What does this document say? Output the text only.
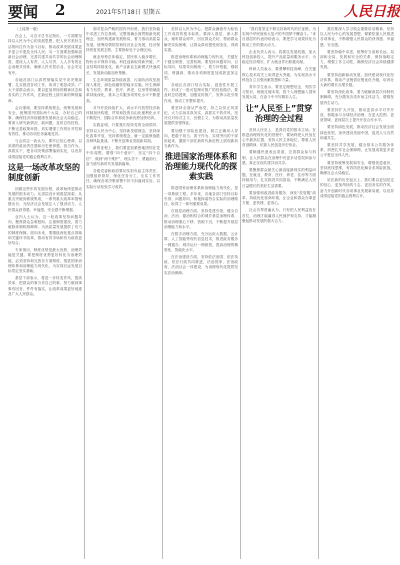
要闻 2	2021年5月18日 星期五	人民日报

（上接第一版）

在会上，习近平总书记指出，一方面要坚持以人民为中心的发展思想，把人民对美好生活的向往作为奋斗目标，推动改革发展成果更多更公平惠及全体人民；另一方面要加强和创新社会治理，完善共建共治共享的社会治理制度，建设人人有责、人人尽责、人人享有的社会治理共同体，确保人民安居乐业、社会安定有序。

各地各部门认真贯彻落实党中央决策部署，扎实推进各项工作，取得了明显成效。广大干部群众表示，要以更加昂扬的精神状态和务实的工作作风，在新征程上续写新的辉煌篇章。

会议强调，要坚持系统观念，统筹发展和安全，统筹国内国际两个大局，办好自己的事，确保经济持续健康发展和社会大局稳定。要深入研究新情况、新问题，及时总结经验，不断完善政策举措，切实增强工作的针对性和有效性，推动各项任务落地见效。

与会同志一致认为，要牢记初心使命，以高度的政治责任感和历史使命感，担当作为、真抓实干，把各项决策部署落到实处，以优异成绩迎接党的盛会胜利召开。

这是一场改革攻坚的制度创新

回顾这些年的发展历程，改革始终是推动发展的根本动力。从顶层设计到基层探索，从重点突破到系统集成，一系列重大改革举措相继出台，为经济社会发展注入了强劲动力，人民群众获得感、幸福感、安全感不断增强。

业内人士认为，这一轮改革坚持问题导向，聚焦群众急难愁盼，注重制度建设，着力破除体制机制障碍，为高质量发展提供了有力的制度保障。面向未来，要继续深化重点领域和关键环节改革，推动有效市场和有为政府更好结合。

专家指出，制度优势是最大优势，治理效能是关键。要把制度优势更好转化为治理效能，必须坚持和完善各方面制度，推进国家治理体系和治理能力现代化，为实现长远发展目标奠定坚实基础。

基层干部表示，将进一步转变作风、提高效率，把群众的事当作自己的事，努力做到事事有回音、件件有落实，让改革成果更好地惠及广大人民群众。

面对复杂严峻的国内外形势，我们坚持稳中求进工作总基调，完整准确全面贯彻新发展理念，加快构建新发展格局，着力推动高质量发展，统筹疫情防控和经济社会发展，经济保持恢复发展态势，主要指标处于合理区间。

就业形势总体稳定，居民收入稳步增长，物价水平保持平稳。科技创新取得新突破，产业结构持续优化，新产业新业态新模式快速成长，发展新动能加快集聚。

生态环境质量持续改善，污染防治攻坚战深入推进，绿色低碳转型稳步实施。民生保障有力有效，教育、医疗、养老、住房等领域改革持续深化，基本公共服务均等化水平不断提高。

对外开放持续扩大，高水平开放型经济新体制加快构建，贸易和投资自由化便利化水平不断提升，国际合作和竞争新优势加快培育。

实践证明，只要我们坚持党的全面领导，坚持以人民为中心，坚持新发展理念，坚持深化改革开放，坚持系统观念，就一定能够战胜各种风险挑战，不断开创事业发展新局面。

新的征程上，我们要更加紧密地团结在党中央周围，增强“四个意识”、坚定“四个自信”、做到“两个维护”，埋头苦干、勇毅前行，奋力谱写新时代发展新篇章。

各级党委和政府要切实担负起主体责任，加强组织领导，细化任务分工，压实工作责任，确保各项决策部署不折不扣落到实处，以实际行动检验学习成效。

坚持以人民为中心，把群众满意作为检验工作成效的根本标准。要深入基层、深入群众，倾听群众呼声，回应群众关切，帮助群众解决实际困难，让群众真切感受到变化、得到实惠。

推进治理体系和治理能力现代化，关键在于健全制度、完善机制。要坚持问题导向、目标导向、结果导向相统一，着力补短板、强弱项、堵漏洞，推动各项制度更加成熟更加定型。

各地区各部门结合实际，创造性开展工作，形成了一批可复制可推广的经验做法。要及时总结提炼，加强宣传推广，发挥示范引领作用，推动工作整体提升。

要坚持全面从严治党，持之以恒正风肃纪，大力弘扬求真务实、真抓实干的作风，坚决反对形式主义、官僚主义，为推动高质量发展提供坚强保证。

要加强干部队伍建设，树立正确用人导向，把敢于担当、善于作为、实绩突出的干部用起来，激励干部在新时代新征程上展现新担当新作为。

推进国家治理体系和治理能力现代化的探索实践

推进国家治理体系和治理能力现代化，是一项系统工程。多年来，各地各部门坚持目标引领、问题导向，积极探索符合实际的治理路径，取得了一系列重要成果。

在基层治理方面，坚持党建引领，健全自治、法治、德治相结合的城乡基层治理体系，推动治理重心下移、资源下沉，不断提升基层治理能力和水平。

在数字治理方面，充分运用大数据、云计算、人工智能等现代信息技术，推进政务服务一网通办、城市运行一网统管，提高治理的精准化、智能化水平。

在法治建设方面，坚持依法治国、依法执政、依法行政共同推进，法治国家、法治政府、法治社会一体建设，为治理现代化提供坚实法治保障。

“我们将坚定不移走好新时代的长征路，为实现中华民族伟大复兴的中国梦不懈奋斗。”来自基层的代表纷纷表示，要把学习成果转化为推动工作的强大动力。

企业负责人表示，将抓住发展机遇，加大科技创新投入，提升产品质量和服务水平，为稳定经济增长、扩大就业作出积极贡献。

科研人员表示，要勇攀科技高峰，在关键核心技术攻关上取得更大突破，为实现高水平科技自立自强贡献智慧和力量。

青年学生表示，要坚定理想信念，刻苦学习知识，练就过硬本领，将个人理想融入国家发展大局，在奋斗中书写精彩人生。

让“人民至上”贯穿治理的全过程

坚持人民至上，是我们党的根本立场。在推进治理现代化的进程中，要始终把人民放在心中最高位置，坚持人民主体地位，尊重人民首创精神，依靠人民创造历史伟业。

要畅通民意表达渠道，完善群众参与机制，让人民群众在治理中有更多话语权和参与感，真正实现共建共治共享。

要聚焦群众最关心最直接最现实的利益问题，在就业、教育、医疗、养老、住房等方面持续用力，扎实推进共同富裕，不断满足人民日益增长的美好生活需要。

要加强和改进政务服务，深化“放管服”改革，持续优化营商环境，让企业和群众办事更方便、更快捷、更省心。

社会各界普遍认为，只有把人民利益放在首位，治理才能赢得人民拥护和支持，才能凝聚起推动发展的强大合力。

我们要深入学习领会重要讲话精神，坚持以人民为中心的发展思想，紧紧依靠人民推进各项事业，不断增强人民群众的获得感、幸福感、安全感。

要坚持稳中求进，统筹好当前和长远、局部和全局、发展和安全的关系，保持战略定力，增强工作主动性，确保经济社会持续健康发展。

要坚持创新驱动发展，加快建设现代化经济体系，推动产业链供应链优化升级，培育壮大新的增长点增长极。

要坚持深化改革，着力破解深层次体制机制障碍，充分激发各类市场主体活力，增强发展内生动力。

要坚持扩大开放，推动更高水平对外开放，积极参与全球经济治理，在更大范围、更宽领域、更深层次上提升开放合作水平。

要坚持绿色发展，推动经济社会发展全面绿色转型，加快建设美丽中国，促进人与自然和谐共生。

要坚持共享发展，健全基本公共服务体系，织密扎牢社会保障网，让发展成果更多更公平惠及全体人民。

要坚持统筹发展和安全，增强忧患意识，坚持底线思维，有效防范化解各类风险挑战，确保社会大局稳定。

站在新的历史起点上，我们要以更加坚定的信心、更加昂扬的斗志、更加务实的作风，奋力开创新时代各项事业发展新局面，以优异成绩迎接党的盛会胜利召开。
